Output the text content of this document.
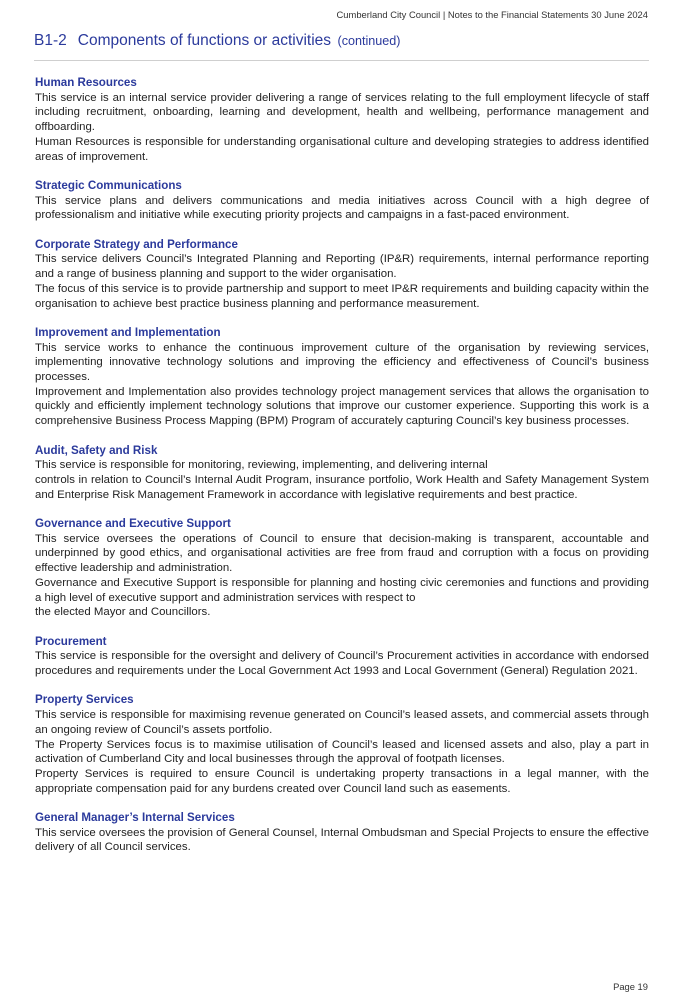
Cumberland City Council | Notes to the Financial Statements 30 June 2024
B1-2 Components of functions or activities (continued)
Human Resources
This service is an internal service provider delivering a range of services relating to the full employment lifecycle of staff including recruitment, onboarding, learning and development, health and wellbeing, performance management and offboarding.
Human Resources is responsible for understanding organisational culture and developing strategies to address identified areas of improvement.
Strategic Communications
This service plans and delivers communications and media initiatives across Council with a high degree of professionalism and initiative while executing priority projects and campaigns in a fast-paced environment.
Corporate Strategy and Performance
This service delivers Council’s Integrated Planning and Reporting (IP&R) requirements, internal performance reporting and a range of business planning and support to the wider organisation.
The focus of this service is to provide partnership and support to meet IP&R requirements and building capacity within the organisation to achieve best practice business planning and performance measurement.
Improvement and Implementation
This service works to enhance the continuous improvement culture of the organisation by reviewing services, implementing innovative technology solutions and improving the efficiency and effectiveness of Council’s business processes.
Improvement and Implementation also provides technology project management services that allows the organisation to quickly and efficiently implement technology solutions that improve our customer experience. Supporting this work is a comprehensive Business Process Mapping (BPM) Program of accurately capturing Council’s key business processes.
Audit, Safety and Risk
This service is responsible for monitoring, reviewing, implementing, and delivering internal
controls in relation to Council’s Internal Audit Program, insurance portfolio, Work Health and Safety Management System and Enterprise Risk Management Framework in accordance with legislative requirements and best practice.
Governance and Executive Support
This service oversees the operations of Council to ensure that decision-making is transparent, accountable and underpinned by good ethics, and organisational activities are free from fraud and corruption with a focus on providing effective leadership and administration.
Governance and Executive Support is responsible for planning and hosting civic ceremonies and functions and providing a high level of executive support and administration services with respect to
the elected Mayor and Councillors.
Procurement
This service is responsible for the oversight and delivery of Council’s Procurement activities in accordance with endorsed procedures and requirements under the Local Government Act 1993 and Local Government (General) Regulation 2021.
Property Services
This service is responsible for maximising revenue generated on Council’s leased assets, and commercial assets through an ongoing review of Council’s assets portfolio.
The Property Services focus is to maximise utilisation of Council’s leased and licensed assets and also, play a part in activation of Cumberland City and local businesses through the approval of footpath licenses.
Property Services is required to ensure Council is undertaking property transactions in a legal manner, with the appropriate compensation paid for any burdens created over Council land such as easements.
General Manager’s Internal Services
This service oversees the provision of General Counsel, Internal Ombudsman and Special Projects to ensure the effective delivery of all Council services.
Page 19
